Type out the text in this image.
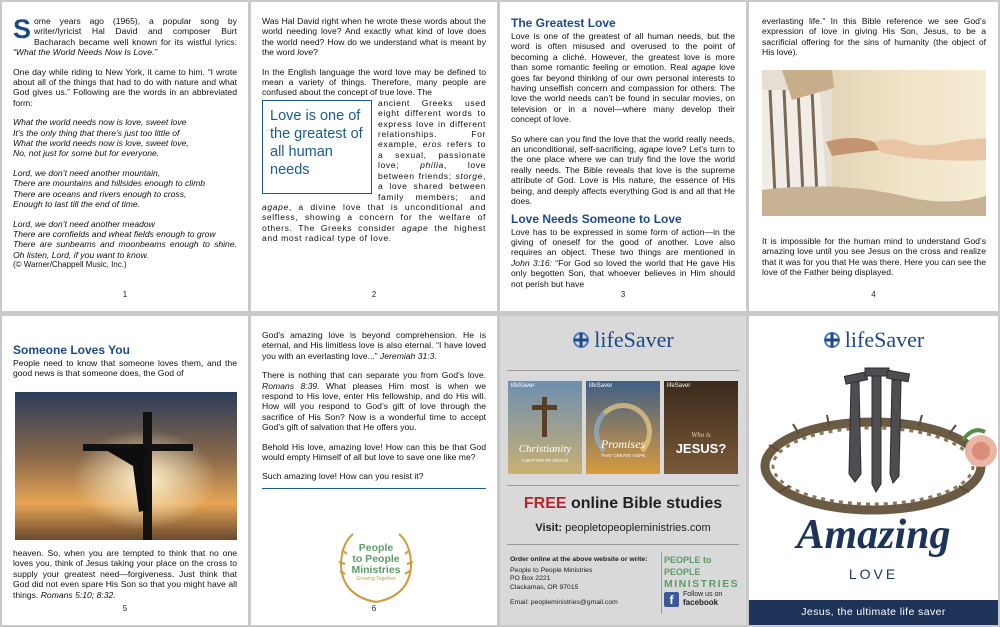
Some years ago (1965), a popular song by writer/lyricist Hal David and composer Burt Bacharach became well known for its wistful lyrics: “What the World Needs Now Is Love.”

One day while riding to New York, it came to him. “I wrote about all of the things that had to do with nature and what God gives us.” Following are the words in an abbreviated form:

What the world needs now is love, sweet love
It’s the only thing that there’s just too little of
What the world needs now is love, sweet love,
No, not just for some but for everyone.

Lord, we don’t need another mountain,
There are mountains and hillsides enough to climb
There are oceans and rivers enough to cross,
Enough to last till the end of time.

Lord, we don’t need another meadow
There are cornfields and wheat fields enough to grow
There are sunbeams and moonbeams enough to shine. Oh listen, Lord, if you want to know.

(© Warner/Chappell Music, Inc.)
1

Was Hal David right when he wrote these words about the world needing love? And exactly what kind of love does the world need? How do we understand what is meant by the word love?

In the English language the word love may be defined to mean a variety of things. Therefore, many people are confused about the concept of true love. The

Love is one of the greatest of all human needs

ancient Greeks used eight different words to express love in different relationships. For example, eros refers to a sexual, passionate love; philia, love between friends; storge, a love shared between family members; and agape, a divine love that is unconditional and selfless, showing a concern for the welfare of others. The Greeks consider agape the highest and most radical type of love.

2
The Greatest Love

Love is one of the greatest of all human needs, but the word is often misused and overused to the point of becoming a cliché. However, the greatest love is more than some romantic feeling or emotion. Real agape love goes far beyond thinking of our own personal interests to having unselfish concern and compassion for others. The love the world needs can’t be found in secular movies, on television or in a novel—where many develop their concept of love.

So where can you find the love that the world really needs, an unconditional, self-sacrificing, agape love? Let’s turn to the one place where we can truly find the love the world really needs. The Bible reveals that love is the supreme attribute of God. Love is His nature, the essence of His being, and deeply affects everything God is and all that He does.

Love Needs Someone to Love

Love has to be expressed in some form of action—in the giving of oneself for the good of another. Love also requires an object. These two things are mentioned in John 3:16: “For God so loved the world that He gave His only begotten Son, that whoever believes in Him should not perish but have

3
everlasting life.” In this Bible reference we see God’s expression of love in giving His Son, Jesus, to be a sacrificial offering for the sins of humanity (the object of His love).
It is impossible for the human mind to understand God’s amazing love until you see Jesus on the cross and realize that it was for you that He was there. Here you can see the love of the Father being displayed.
4
Someone Loves You

People need to know that someone loves them, and the good news is that someone does, the God of

heaven. So, when you are tempted to think that no one loves you, think of Jesus taking your place on the cross to supply your greatest need—forgiveness. Just think that God did not even spare His Son so that you might have all things. Romans 5:10; 8:32.
5

God’s amazing love is beyond comprehension. He is eternal, and His limitless love is also eternal. “I have loved you with an everlasting love...” Jeremiah 31:3.

There is nothing that can separate you from God’s love. Romans 8:39. What pleases Him most is when we respond to His love, enter His fellowship, and do His will. How will you respond to God’s gift of love through the sacrifice of His Son? Now is a wonderful time to accept God’s gift of salvation that He offers you.

Behold His love, amazing love! How can this be that God would empty Himself of all but love to save one like me?

Such amazing love! How can you resist it?

People
to People
Ministries
Growing Together
6
lifeSaver
lifeSaver
Christianity
A MATTER OF GRACE
lifeSaver
Promises
THAT CREATE HOPE
lifeSaver
Who is
JESUS?
FREE online Bible studies
Visit: peopletopeopleministries.com
Order online at the above website or write:
People to People Ministries
PO Box 2221
Clackamas, OR 97015
Email: peopleministries@gmail.com
PEOPLE to PEOPLE
MINISTRIES
f	Follow us on
facebook
lifeSaver
Amazing
LOVE
Jesus, the ultimate life saver
